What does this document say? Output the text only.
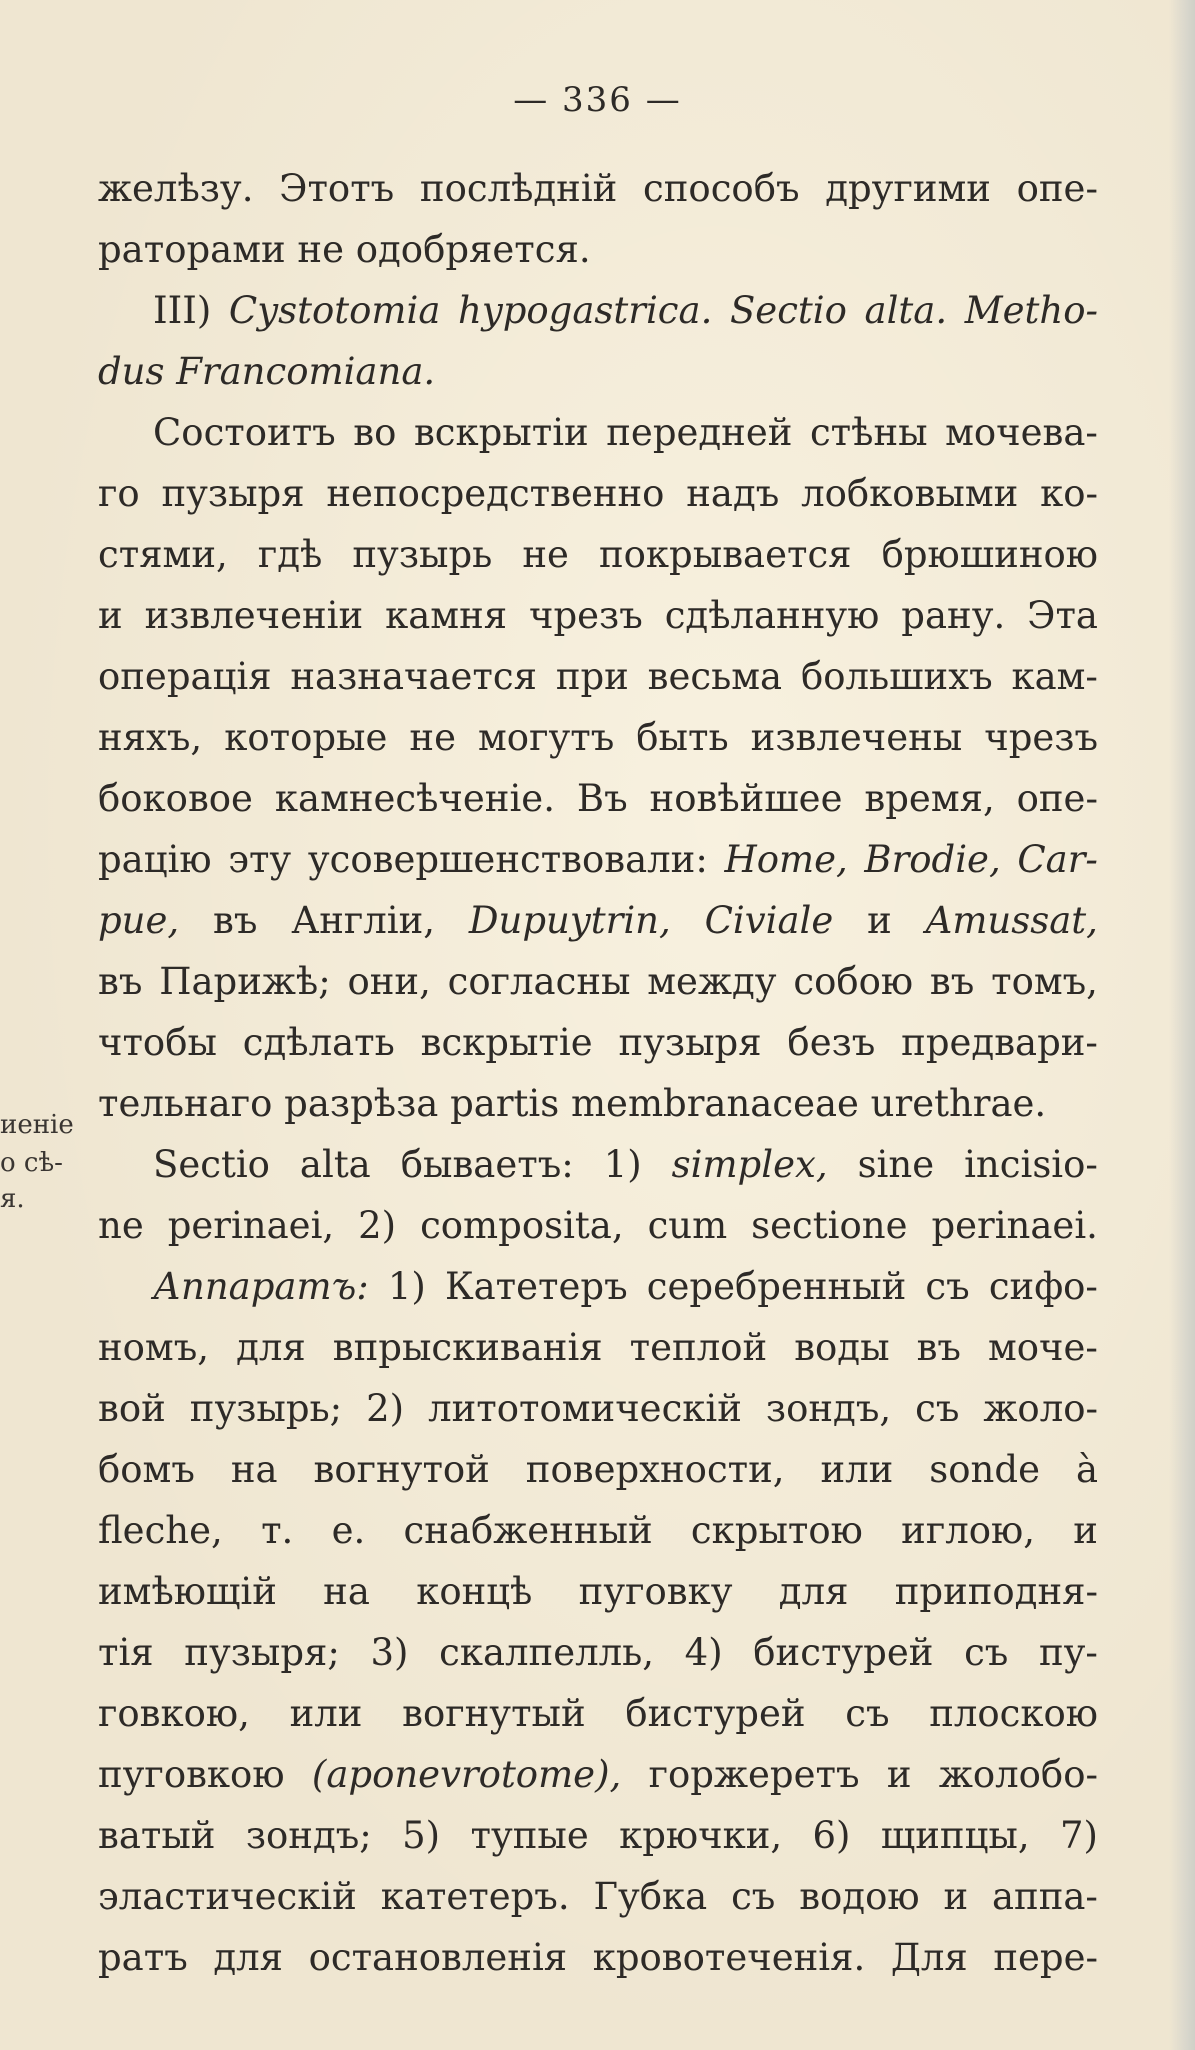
— 336 —
желѣзу. Этотъ послѣднiй способъ другими опе-
раторами не одобряется.
III) Cystotomia hypogastrica. Sectio alta. Metho-
dus Francomiana.
Состоитъ во вскрытiи передней стѣны мочева-
го пузыря непосредственно надъ лобковыми ко-
стями, гдѣ пузырь не покрывается брюшиною
и извлеченiи камня чрезъ сдѣланную рану. Эта
операцiя назначается при весьма большихъ кам-
няхъ, которые не могутъ быть извлечены чрезъ
боковое камнесѣченiе. Въ новѣйшее время, опе-
рацiю эту усовершенствовали: Home, Brodie, Car-
pue, въ Англiи, Dupuytrin, Civiale и Amussat,
въ Парижѣ; они, согласны между собою въ томъ,
чтобы сдѣлать вскрытiе пузыря безъ предвари-
тельнаго разрѣза partis membranaceae urethrae.
Sectio alta бываетъ: 1) simplex, sine incisio-
ne perinaei, 2) composita, cum sectione perinaei.
Аппаратъ: 1) Катетеръ серебренный съ сифо-
номъ, для впрыскиванiя теплой воды въ моче-
вой пузырь; 2) литотомическiй зондъ, съ жоло-
бомъ на вогнутой поверхности, или sonde à
fleche, т. е. снабженный скрытою иглою, и
имѣющiй на концѣ пуговку для приподня-
тiя пузыря; 3) скалпелль, 4) бистурей съ пу-
говкою, или вогнутый бистурей съ плоскою
пуговкою (aponevrotome), горжеретъ и жолобо-
ватый зондъ; 5) тупые крючки, 6) щипцы, 7)
эластическiй катетеръ. Губка съ водою и аппа-
ратъ для остановленiя кровотеченiя. Для пере-
иенie
о сѣ-
я.
